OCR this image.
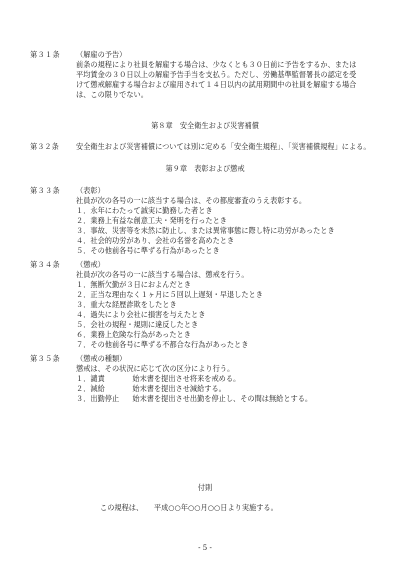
第３１条	（解雇の予告）
前条の規程により社員を解雇する場合は、少なくとも３０日前に予告をするか、または
平均賃金の３０日以上の解雇予告手当を支払う。ただし、労働基準監督署長の認定を受
けて懲戒解雇する場合および雇用されて１４日以内の試用期間中の社員を解雇する場合
は、この限りでない。
第８章　安全衛生および災害補償
第３２条 安全衛生および災害補償については別に定める「安全衛生規程」、「災害補償規程」による。
第９章　表彰および懲戒
第３３条	（表彰）
社員が次の各号の一に該当する場合は、その都度審査のうえ表彰する。
１．永年にわたって誠実に勤務した者とき
２．業務上有益な創意工夫・発明を行ったとき
３．事故、災害等を未然に防止し、または異常事態に際し特に功労があったとき
４．社会的功労があり、会社の名誉を高めたとき
５．その他前各号に準ずる行為があったとき
第３４条	（懲戒）
社員が次の各号の一に該当する場合は、懲戒を行う。
１．無断欠勤が３日におよんだとき
２．正当な理由なく１ヶ月に５回以上遅刻・早退したとき
３．重大な経歴詐欺をしたとき
４．過失により会社に損害を与えたとき
５．会社の規程・規則に違反したとき
６．業務上危険な行為があったとき
７．その他前各号に準ずる不都合な行為があったとき
第３５条	（懲戒の種類）
懲戒は、その状況に応じて次の区分により行う。
１．譴責	始末書を提出させ将来を戒める。
２．減給	始末書を提出させ減給する。
３．出勤停止 始末書を提出させ出勤を停止し、その間は無給とする。
付則
この規程は、　　平成○○年○○月○○日より実施する。
- 5 -
